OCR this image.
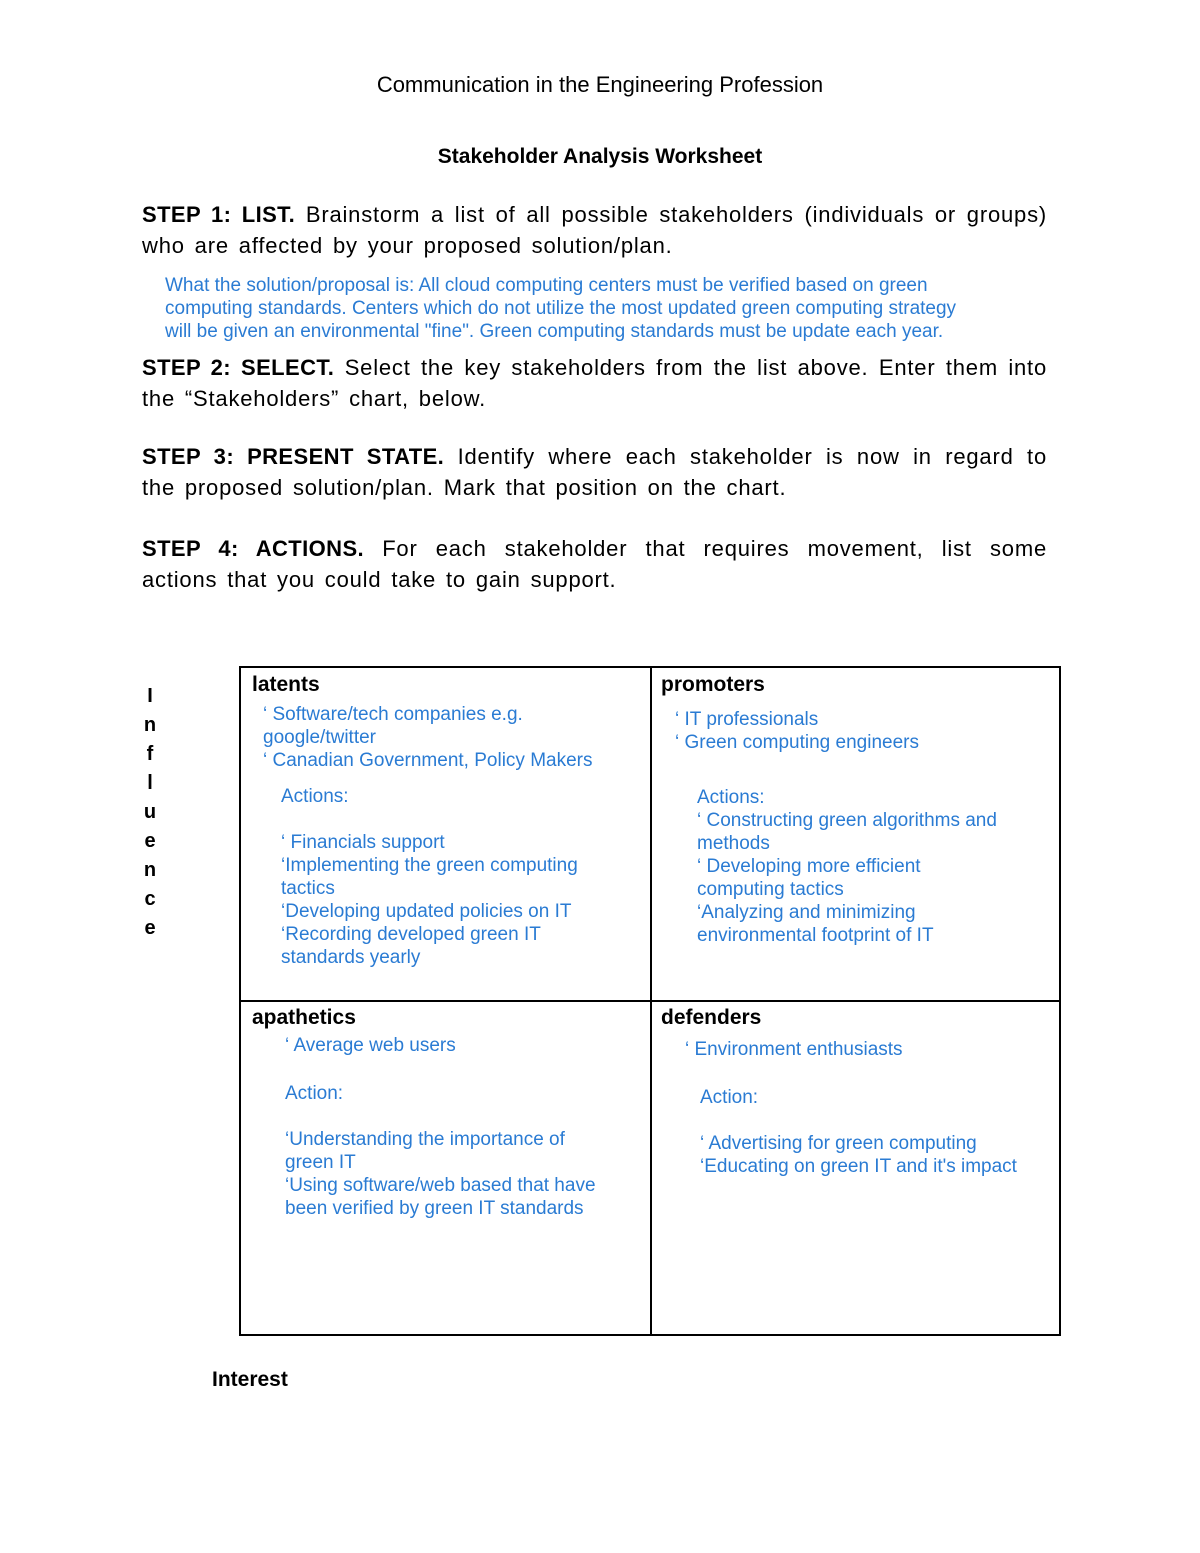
Communication in the Engineering Profession
Stakeholder Analysis Worksheet
STEP 1: LIST. Brainstorm a list of all possible stakeholders (individuals or groups) who are affected by your proposed solution/plan.
What the solution/proposal is: All cloud computing centers must be verified based on green
computing standards. Centers which do not utilize the most updated green computing strategy
will be given an environmental "fine". Green computing standards must be update each year.
STEP 2: SELECT. Select the key stakeholders from the list above. Enter them into the “Stakeholders” chart, below.
STEP 3: PRESENT STATE. Identify where each stakeholder is now in regard to the proposed solution/plan. Mark that position on the chart.
STEP 4: ACTIONS. For each stakeholder that requires movement, list some actions that you could take to gain support.
I
n
f
l
u
e
n
c
e
latents
‘ Software/tech companies e.g.
google/twitter
‘ Canadian Government, Policy Makers
Actions:
‘ Financials support
‘Implementing the green computing
tactics
‘Developing updated policies on IT
‘Recording developed green IT
standards yearly
promoters
‘ IT professionals
‘ Green computing engineers
Actions:
‘ Constructing green algorithms and
methods
‘ Developing more efficient
computing tactics
‘Analyzing and minimizing
environmental footprint of IT
apathetics
‘ Average web users
Action:
‘Understanding the importance of
green IT
‘Using software/web based that have
been verified by green IT standards
defenders
‘ Environment enthusiasts
Action:
‘ Advertising for green computing
‘Educating on green IT and it's impact
Interest
